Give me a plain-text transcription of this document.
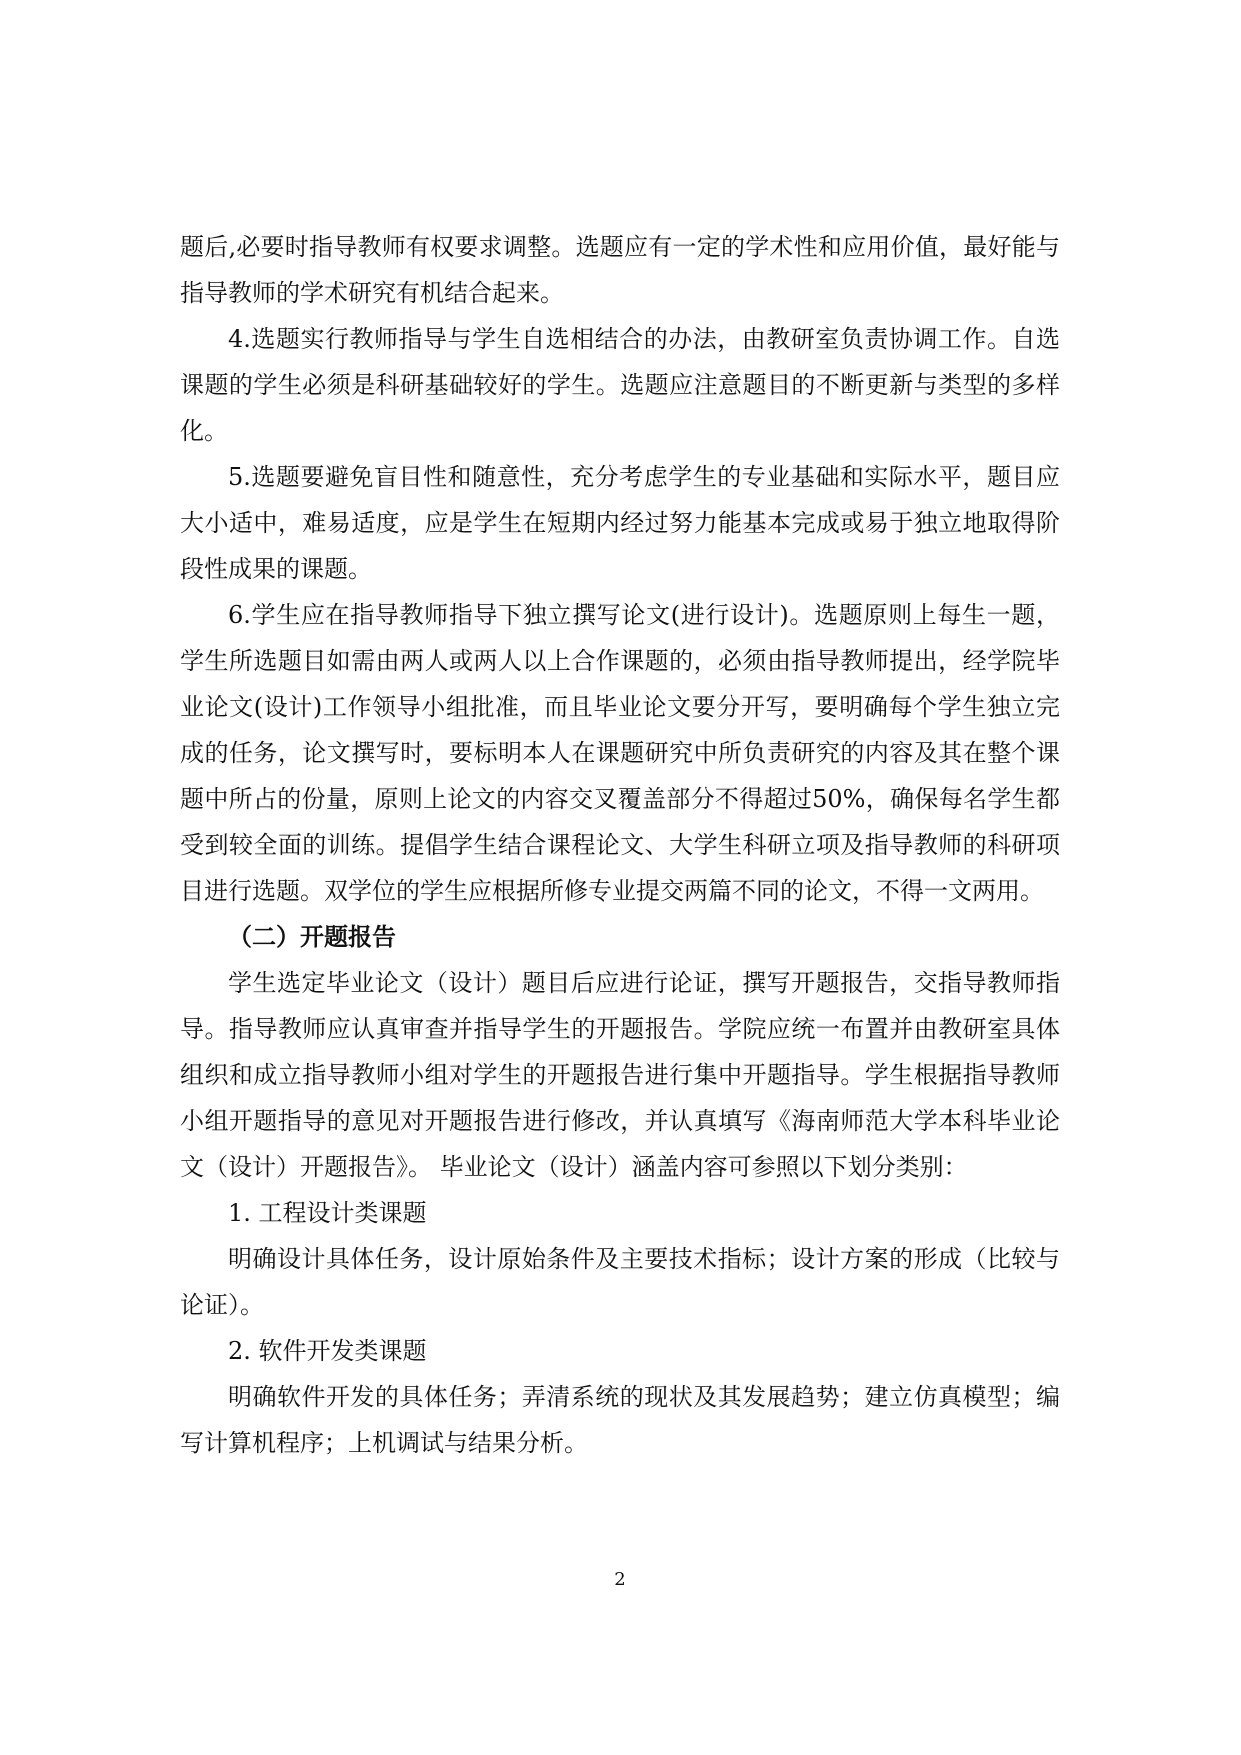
题后,必要时指导教师有权要求调整。选题应有一定的学术性和应用价值，最好能与指导教师的学术研究有机结合起来。

4.选题实行教师指导与学生自选相结合的办法，由教研室负责协调工作。自选课题的学生必须是科研基础较好的学生。选题应注意题目的不断更新与类型的多样化。

5.选题要避免盲目性和随意性，充分考虑学生的专业基础和实际水平，题目应大小适中，难易适度，应是学生在短期内经过努力能基本完成或易于独立地取得阶段性成果的课题。

6.学生应在指导教师指导下独立撰写论文(进行设计)。选题原则上每生一题，学生所选题目如需由两人或两人以上合作课题的，必须由指导教师提出，经学院毕业论文(设计)工作领导小组批准，而且毕业论文要分开写，要明确每个学生独立完成的任务，论文撰写时，要标明本人在课题研究中所负责研究的内容及其在整个课题中所占的份量，原则上论文的内容交叉覆盖部分不得超过50%，确保每名学生都受到较全面的训练。提倡学生结合课程论文、大学生科研立项及指导教师的科研项目进行选题。双学位的学生应根据所修专业提交两篇不同的论文，不得一文两用。

（二）开题报告

学生选定毕业论文（设计）题目后应进行论证，撰写开题报告，交指导教师指导。指导教师应认真审查并指导学生的开题报告。学院应统一布置并由教研室具体组织和成立指导教师小组对学生的开题报告进行集中开题指导。学生根据指导教师小组开题指导的意见对开题报告进行修改，并认真填写《海南师范大学本科毕业论文（设计）开题报告》。 毕业论文（设计）涵盖内容可参照以下划分类别：

1. 工程设计类课题

明确设计具体任务，设计原始条件及主要技术指标；设计方案的形成（比较与论证）。

2. 软件开发类课题

明确软件开发的具体任务；弄清系统的现状及其发展趋势；建立仿真模型；编写计算机程序；上机调试与结果分析。

2
